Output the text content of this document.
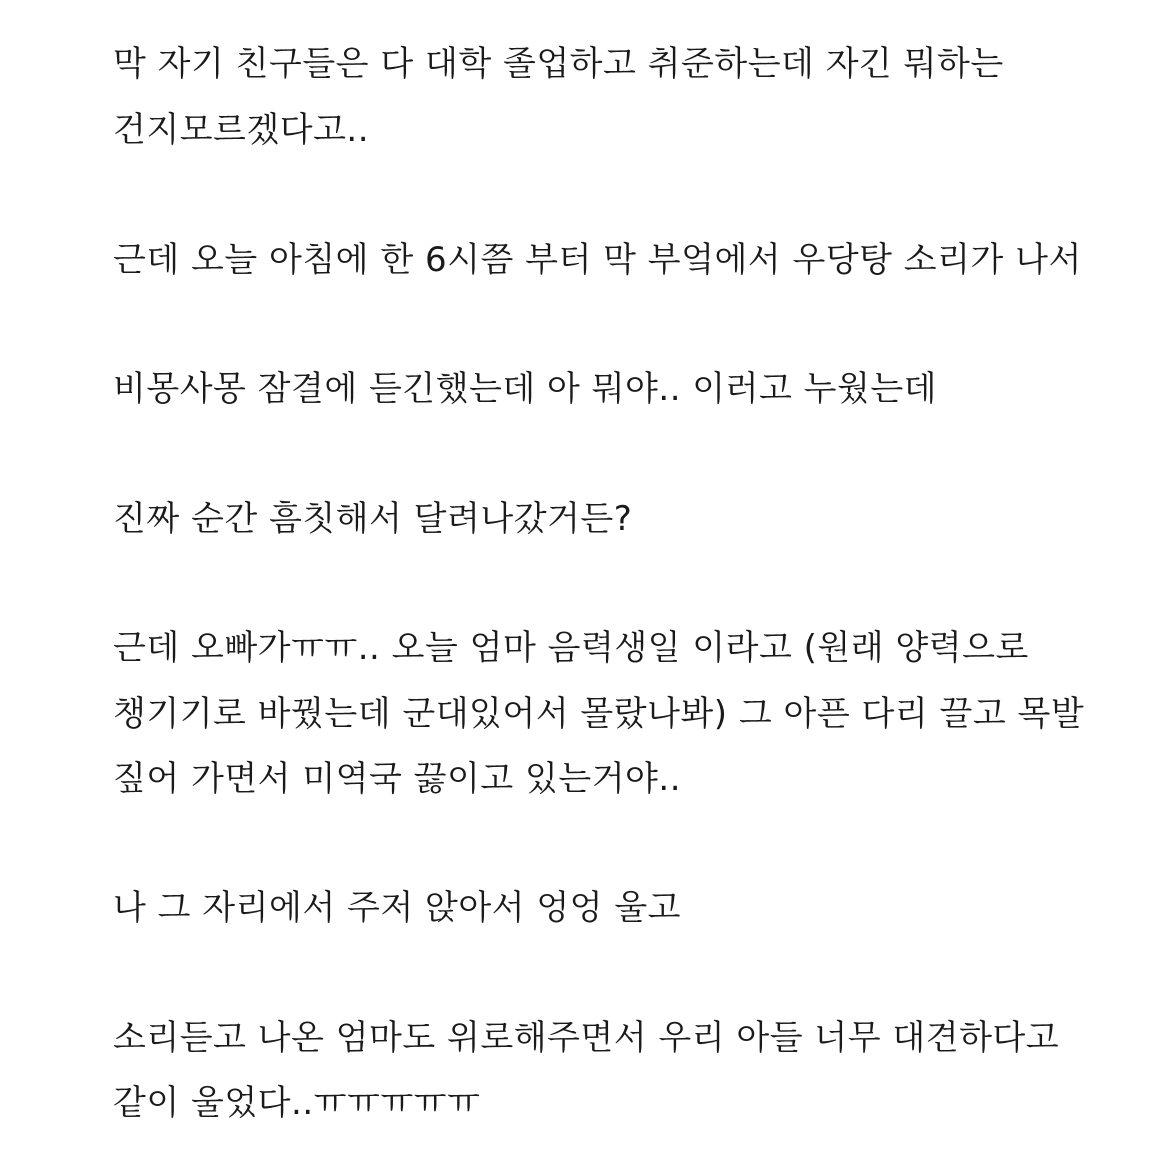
막 자기 친구들은 다 대학 졸업하고 취준하는데 자긴 뭐하는
건지모르겠다고..
근데 오늘 아침에 한 6시쯤 부터 막 부엌에서 우당탕 소리가 나서
비몽사몽 잠결에 듣긴했는데 아 뭐야.. 이러고 누웠는데
진짜 순간 흠칫해서 달려나갔거든?
근데 오빠가ㅠㅠ.. 오늘 엄마 음력생일 이라고 (원래 양력으로
챙기기로 바꿨는데 군대있어서 몰랐나봐) 그 아픈 다리 끌고 목발
짚어 가면서 미역국 끓이고 있는거야..
나 그 자리에서 주저 앉아서 엉엉 울고
소리듣고 나온 엄마도 위로해주면서 우리 아들 너무 대견하다고
같이 울었다..ㅠㅠㅠㅠㅠ
